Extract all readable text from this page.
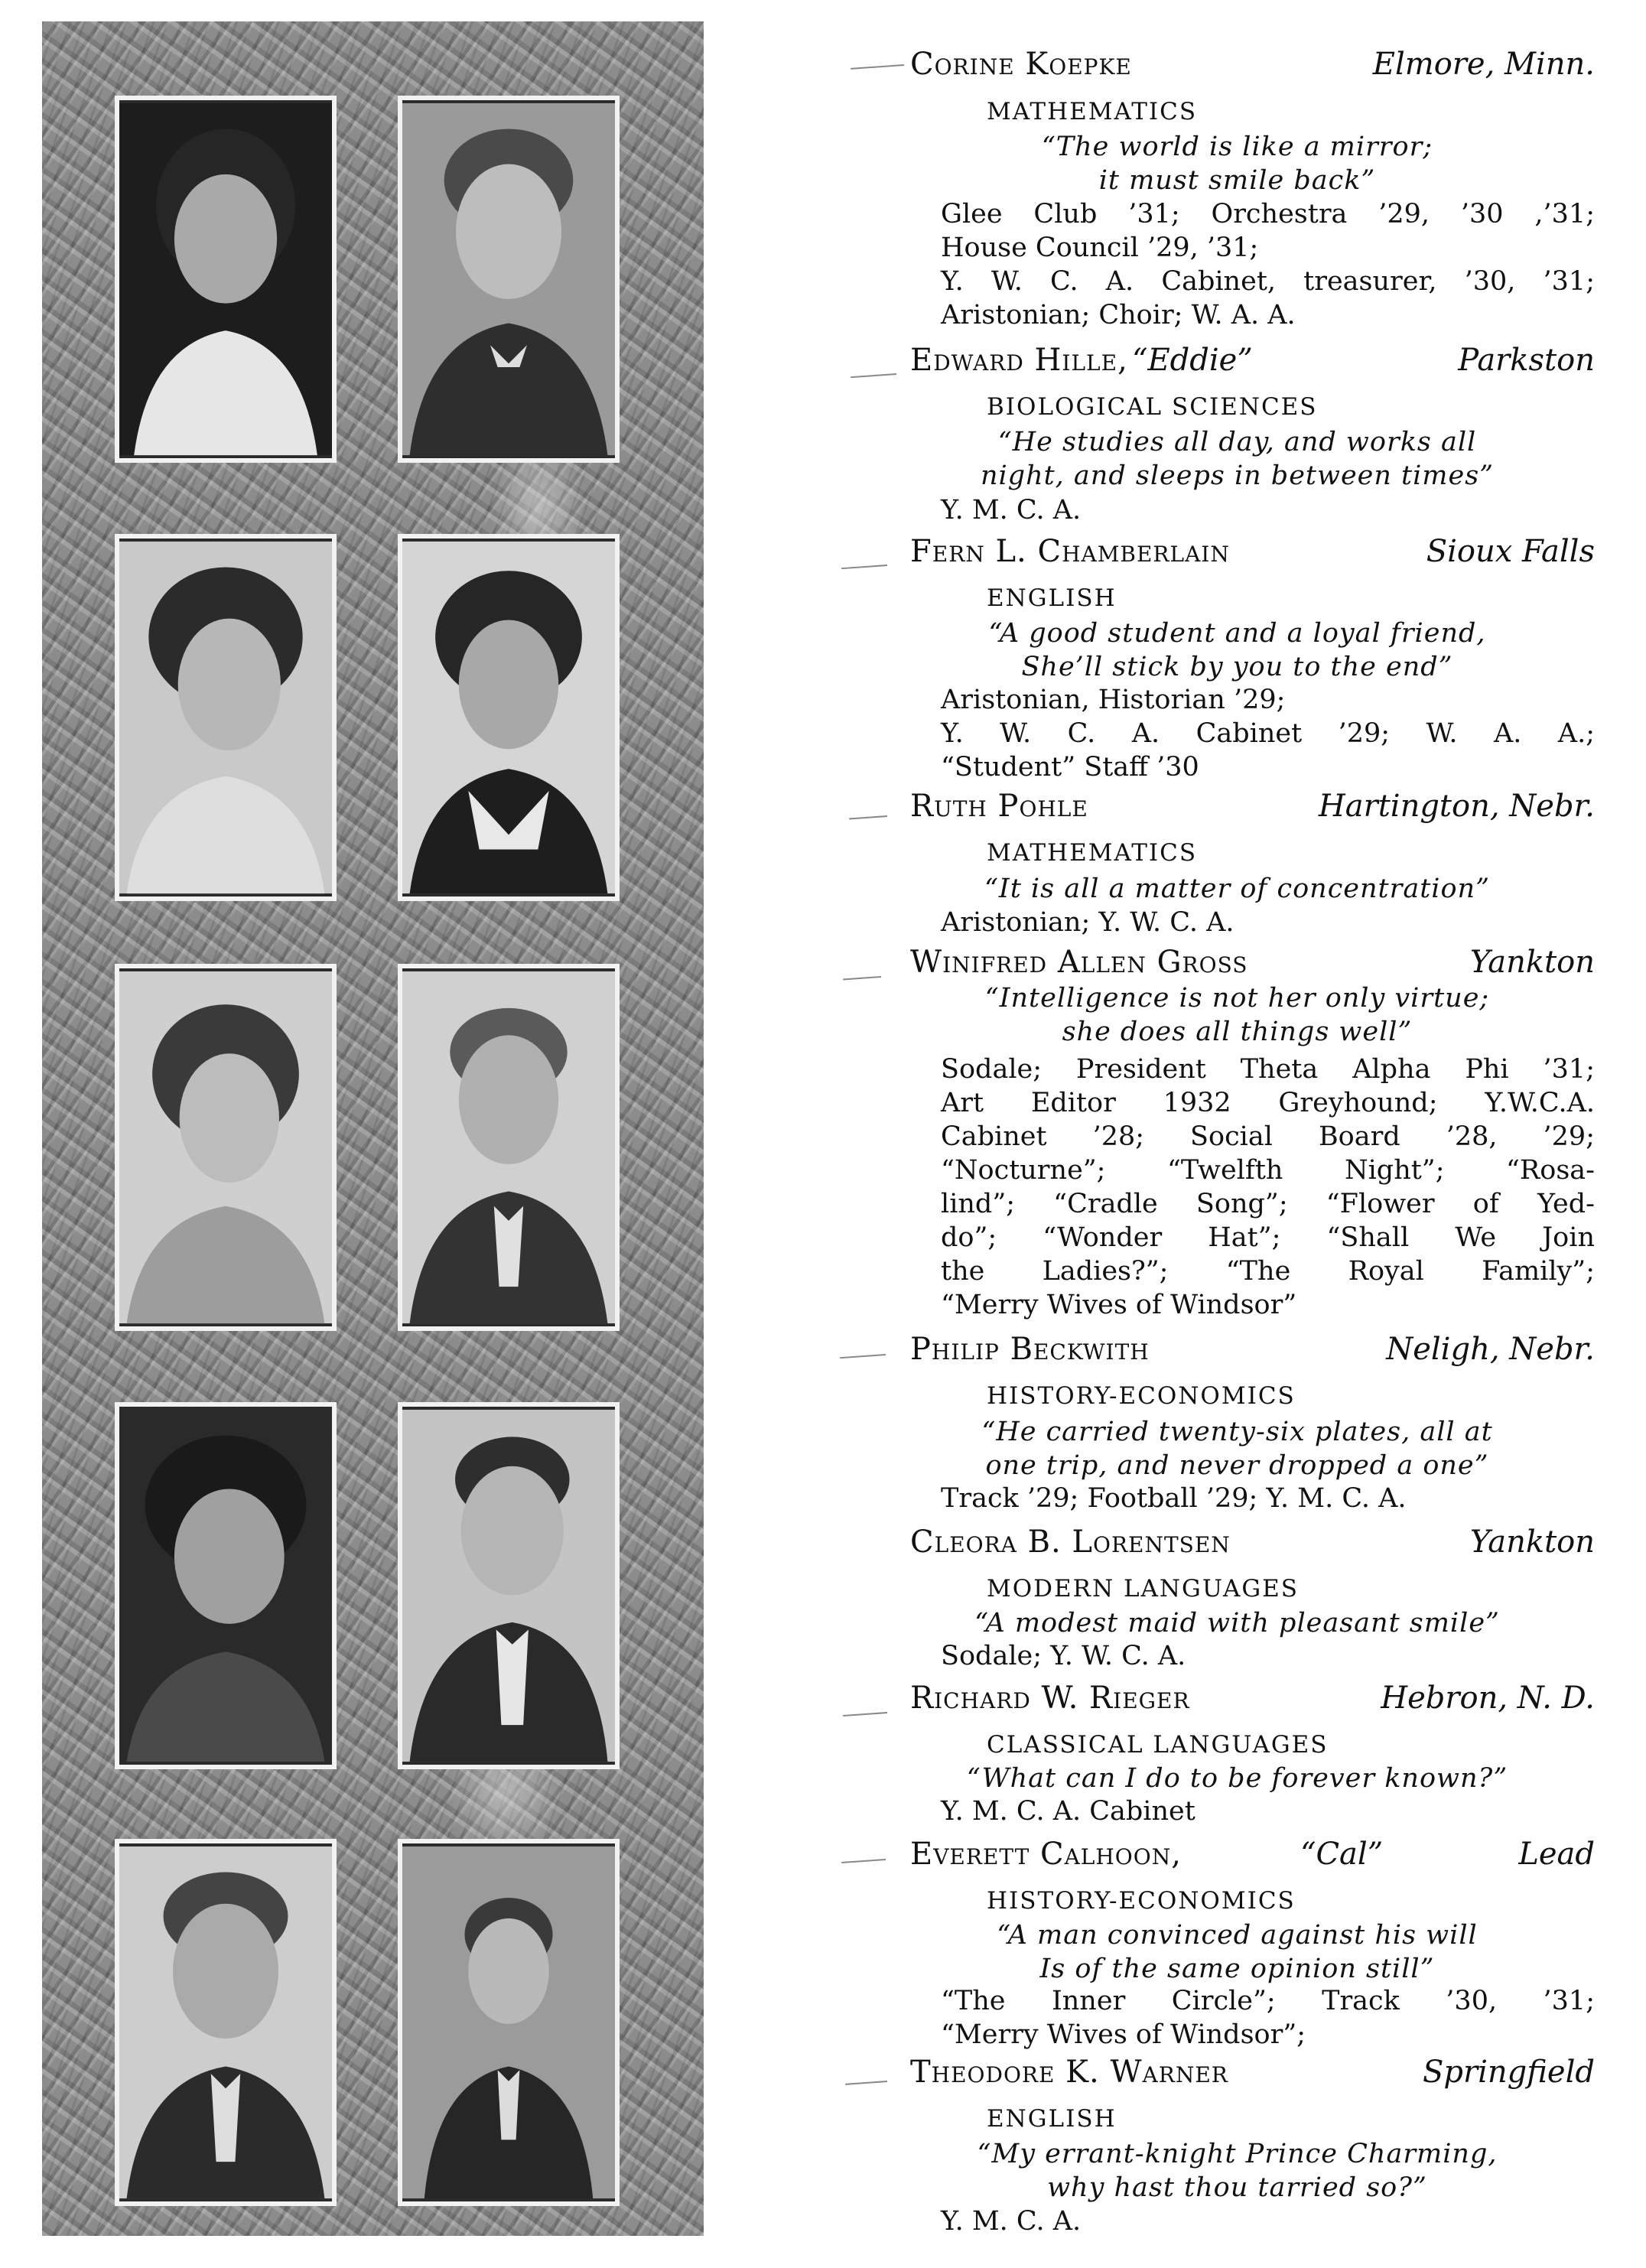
Corine Koepke	Elmore, Minn.
MATHEMATICS
“The world is like a mirror;
it must smile back”
Glee Club ’31; Orchestra ’29, ’30 ,’31;
House Council ’29, ’31;
Y. W. C. A. Cabinet, treasurer, ’30, ’31;
Aristonian; Choir; W. A. A.
Edward Hille, “Eddie”	Parkston
BIOLOGICAL SCIENCES
“He studies all day, and works all
night, and sleeps in between times”
Y. M. C. A.
Fern L. Chamberlain	Sioux Falls
ENGLISH
“A good student and a loyal friend,
She’ll stick by you to the end”
Aristonian, Historian ’29;
Y. W. C. A. Cabinet ’29; W. A. A.;
“Student” Staff ’30
Ruth Pohle	Hartington, Nebr.
MATHEMATICS
“It is all a matter of concentration”
Aristonian; Y. W. C. A.
Winifred Allen Gross	Yankton
“Intelligence is not her only virtue;
she does all things well”
Sodale; President Theta Alpha Phi ’31;
Art Editor 1932 Greyhound; Y.W.C.A.
Cabinet ’28; Social Board ’28, ’29;
“Nocturne”; “Twelfth Night”; “Rosa-
lind”; “Cradle Song”; “Flower of Yed-
do”; “Wonder Hat”; “Shall We Join
the Ladies?”; “The Royal Family”;
“Merry Wives of Windsor”
Philip Beckwith	Neligh, Nebr.
HISTORY-ECONOMICS
“He carried twenty-six plates, all at
one trip, and never dropped a one”
Track ’29; Football ’29; Y. M. C. A.
Cleora B. Lorentsen	Yankton
MODERN LANGUAGES
“A modest maid with pleasant smile”
Sodale; Y. W. C. A.
Richard W. Rieger	Hebron, N. D.
CLASSICAL LANGUAGES
“What can I do to be forever known?”
Y. M. C. A. Cabinet
Everett Calhoon,	“Cal”	Lead
HISTORY-ECONOMICS
“A man convinced against his will
Is of the same opinion still”
“The Inner Circle”; Track ’30, ’31;
“Merry Wives of Windsor”;
Theodore K. Warner	Springfield
ENGLISH
“My errant-knight Prince Charming,
why hast thou tarried so?”
Y. M. C. A.
